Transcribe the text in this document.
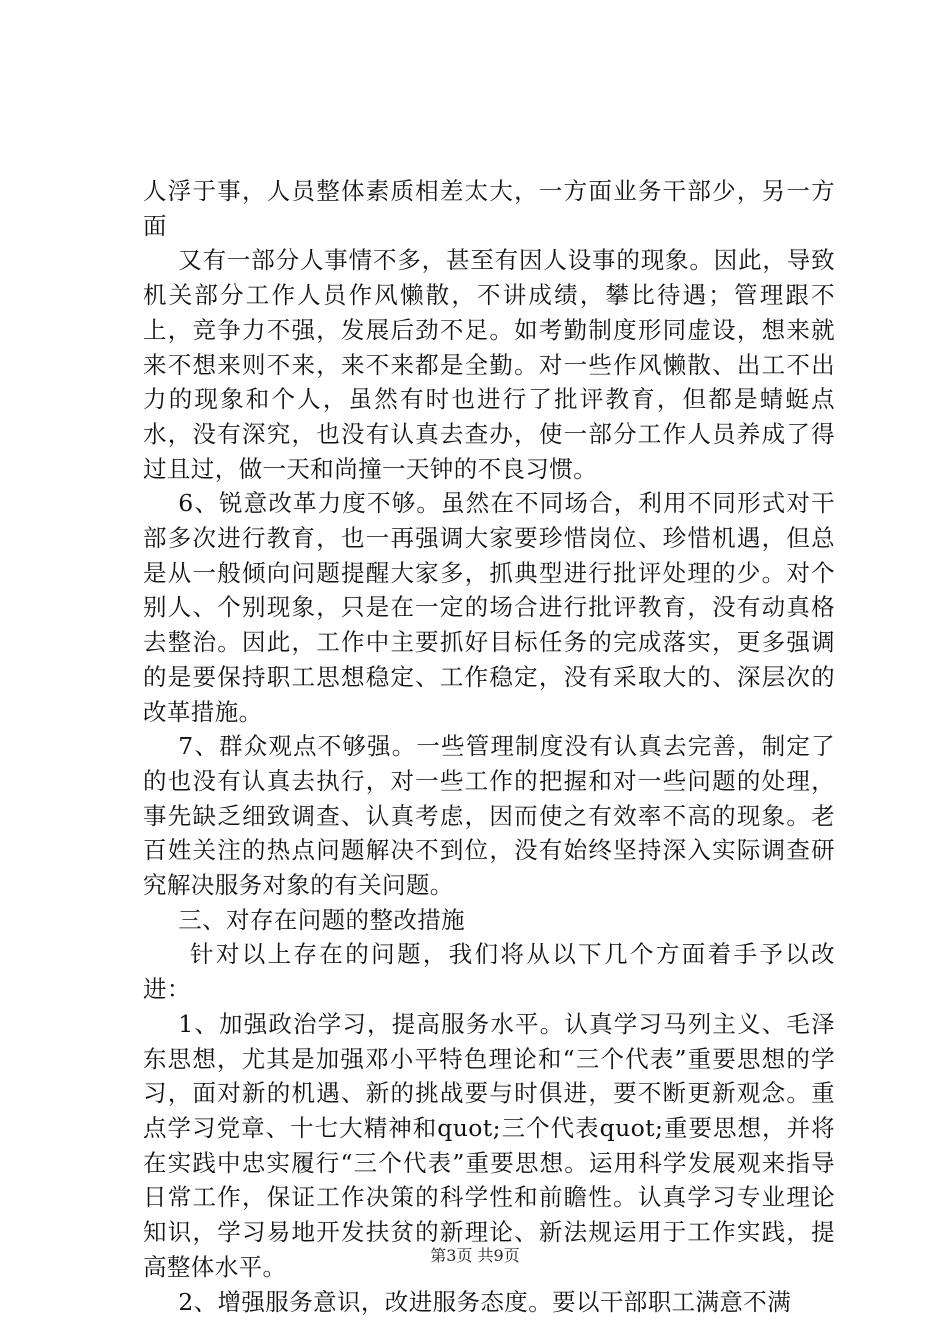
人浮于事，人员整体素质相差太大，一方面业务干部少，另一方面

又有一部分人事情不多，甚至有因人设事的现象。因此，导致机关部分工作人员作风懒散，不讲成绩，攀比待遇；管理跟不上，竞争力不强，发展后劲不足。如考勤制度形同虚设，想来就来不想来则不来，来不来都是全勤。对一些作风懒散、出工不出力的现象和个人，虽然有时也进行了批评教育，但都是蜻蜓点水，没有深究，也没有认真去查办，使一部分工作人员养成了得过且过，做一天和尚撞一天钟的不良习惯。

6、锐意改革力度不够。虽然在不同场合，利用不同形式对干部多次进行教育，也一再强调大家要珍惜岗位、珍惜机遇，但总是从一般倾向问题提醒大家多，抓典型进行批评处理的少。对个别人、个别现象，只是在一定的场合进行批评教育，没有动真格去整治。因此，工作中主要抓好目标任务的完成落实，更多强调的是要保持职工思想稳定、工作稳定，没有采取大的、深层次的改革措施。

7、群众观点不够强。一些管理制度没有认真去完善，制定了的也没有认真去执行，对一些工作的把握和对一些问题的处理，事先缺乏细致调查、认真考虑，因而使之有效率不高的现象。老百姓关注的热点问题解决不到位，没有始终坚持深入实际调查研究解决服务对象的有关问题。

三、对存在问题的整改措施

针对以上存在的问题，我们将从以下几个方面着手予以改进：

1、加强政治学习，提高服务水平。认真学习马列主义、毛泽东思想，尤其是加强邓小平特色理论和“三个代表”重要思想的学习，面对新的机遇、新的挑战要与时俱进，要不断更新观念。重点学习党章、十七大精神和quot;三个代表quot;重要思想，并将在实践中忠实履行“三个代表”重要思想。运用科学发展观来指导日常工作，保证工作决策的科学性和前瞻性。认真学习专业理论知识，学习易地开发扶贫的新理论、新法规运用于工作实践，提高整体水平。

2、增强服务意识，改进服务态度。要以干部职工满意不满

第3页 共9页
